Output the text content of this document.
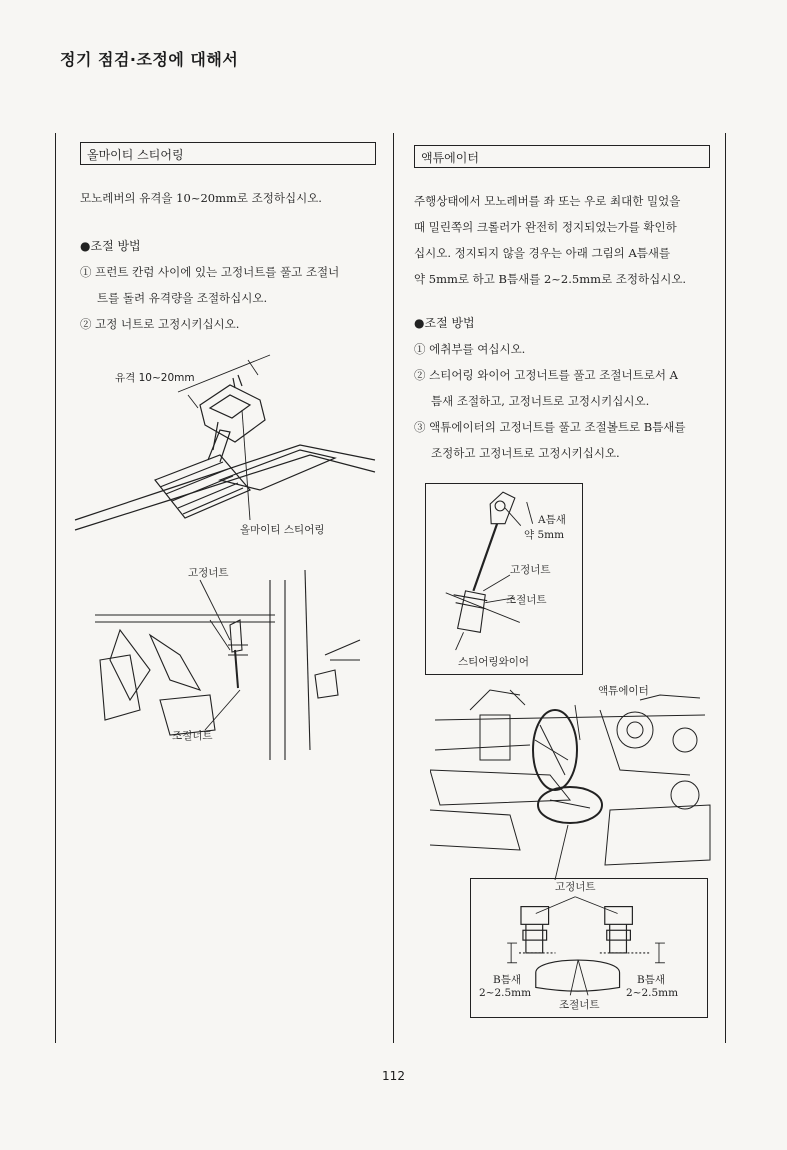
정기 점검·조정에 대해서
올마이티 스티어링

모노레버의 유격을 10~20mm로 조정하십시오.

●조절 방법

① 프런트 칸럼 사이에 있는 고정너트를 풀고 조절너

트를 돌려 유격량을 조절하십시오.

② 고정 너트로 고정시키십시오.

유격 10~20mm
올마이티 스티어링
고정너트
조절너트
액튜에이터

주행상태에서 모노레버를 좌 또는 우로 최대한 밀었을

때 밀린쪽의 크롤러가 완전히 정지되었는가를 확인하

십시오. 정지되지 않을 경우는 아래 그림의 A틈새를

약 5mm로 하고 B틈새를 2~2.5mm로 조정하십시오.

●조절 방법

① 에취부를 여십시오.

② 스티어링 와이어 고정너트를 풀고 조절너트로서 A

틈새 조절하고, 고정너트로 고정시키십시오.

③ 액튜에이터의 고정너트를 풀고 조절볼트로 B틈새를

조정하고 고정너트로 고정시키십시오.

A틈새
약 5mm
고정너트
조절너트
스티어링와이어
액튜에이터
고정너트
B틈새
2~2.5mm
B틈새
2~2.5mm
조절너트
112
